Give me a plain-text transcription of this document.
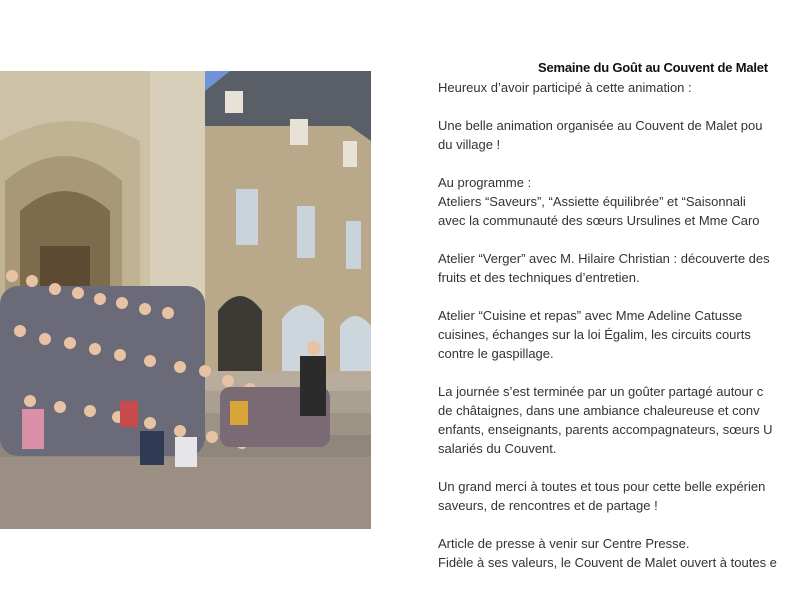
Semaine du Goût au Couvent de Malet
Heureux d’avoir participé à cette animation :
Une belle animation organisée au Couvent de Malet pou
du village !
Au programme :
Ateliers “Saveurs”, “Assiette équilibrée” et “Saisonnali
avec la communauté des sœurs Ursulines et Mme Caro
Atelier “Verger” avec M. Hilaire Christian : découverte des
fruits et des techniques d’entretien.
Atelier “Cuisine et repas” avec Mme Adeline Catusse
cuisines, échanges sur la loi Égalim, les circuits courts
contre le gaspillage.
La journée s’est terminée par un goûter partagé autour c
de châtaignes, dans une ambiance chaleureuse et conv
enfants, enseignants, parents accompagnateurs, sœurs U
salariés du Couvent.
Un grand merci à toutes et tous pour cette belle expérien
saveurs, de rencontres et de partage !
Article de presse à venir sur Centre Presse.
Fidèle à ses valeurs, le Couvent de Malet ouvert à toutes e
